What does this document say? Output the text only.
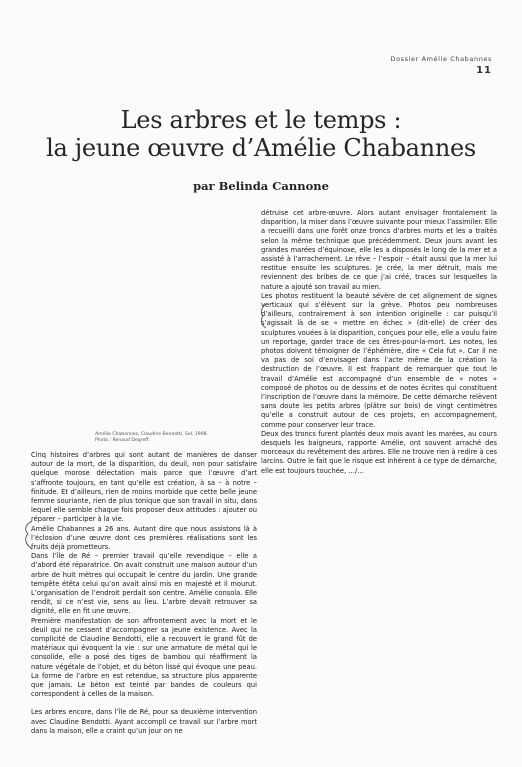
Dossier Amélie Chabannes
11
Les arbres et le temps :
la jeune œuvre d’Amélie Chabannes
par Belinda Cannone
Amélie Chabannes, Claudine Bendotti, Sol, 1998.
Photo : Renaud Degreff.

Cinq histoires d’arbres qui sont autant de manières de danser autour de la mort, de la disparition, du deuil, non pour satisfaire quelque morose délectation mais parce que l’œuvre d’art s’affronte toujours, en tant qu’elle est création, à sa – à notre – finitude. Et d’ailleurs, rien de moins morbide que cette belle jeune femme souriante, rien de plus tonique que son travail in situ, dans lequel elle semble chaque fois proposer deux attitudes : ajouter ou réparer – participer à la vie.

Amélie Chabannes a 26 ans. Autant dire que nous assistons là à l’éclosion d’une œuvre dont ces premières réalisations sont les fruits déjà prometteurs.

Dans l’île de Ré – premier travail qu’elle revendique – elle a d’abord été réparatrice. On avait construit une maison autour d’un arbre de huit mètres qui occupait le centre du jardin. Une grande tempête étêta celui qu’on avait ainsi mis en majesté et il mourut. L’organisation de l’endroit perdait son centre. Amélie consola. Elle rendit, si ce n’est vie, sens au lieu. L’arbre devait retrouver sa dignité, elle en fit une œuvre.

Première manifestation de son affrontement avec la mort et le deuil qui ne cessent d’accompagner sa jeune existence. Avec la complicité de Claudine Bendotti, elle a recouvert le grand fût de matériaux qui évoquent la vie : sur une armature de métal qui le consolide, elle a posé des tiges de bambou qui réaffirment la nature végétale de l’objet, et du béton lissé qui évoque une peau. La forme de l’arbre en est retendue, sa structure plus apparente que jamais. Le béton est teinté par bandes de couleurs qui correspondent à celles de la maison.

Les arbres encore, dans l’île de Ré, pour sa deuxième intervention avec Claudine Bendotti. Ayant accompli ce travail sur l’arbre mort dans la maison, elle a craint qu’un jour on ne

détruise cet arbre-œuvre. Alors autant envisager frontalement la disparition, la miser dans l’œuvre suivante pour mieux l’assimiler. Elle a recueilli dans une forêt onze troncs d’arbres morts et les a traités selon la même technique que précédemment. Deux jours avant les grandes marées d’équinoxe, elle les a disposés le long de la mer et a assisté à l’arrachement. Le rêve – l’espoir – était aussi que la mer lui restitue ensuite les sculptures. Je crée, la mer détruit, mais me reviennent des bribes de ce que j’ai créé, traces sur lesquelles la nature a ajouté son travail au mien.

Les photos restituent la beauté sévère de cet alignement de signes verticaux qui s’élèvent sur la grève. Photos peu nombreuses d’ailleurs, contrairement à son intention originelle : car puisqu’il s’agissait là de se « mettre en échec » (dit-elle) de créer des sculptures vouées à la disparition, conçues pour elle, elle a voulu faire un reportage, garder trace de ces êtres-pour-la-mort. Les notes, les photos doivent témoigner de l’éphémère, dire « Cela fut ». Car il ne va pas de soi d’envisager dans l’acte même de la création la destruction de l’œuvre. Il est frappant de remarquer que tout le travail d’Amélie est accompagné d’un ensemble de « notes » composé de photos ou de dessins et de notes écrites qui constituent l’inscription de l’œuvre dans la mémoire. De cette démarche relèvent sans doute les petits arbres (plâtre sur bois) de vingt centimètres qu’elle a construit autour de ces projets, en accompagnement, comme pour conserver leur trace.

Deux des troncs furent plantés deux mois avant les marées, au cours desquels les baigneurs, rapporte Amélie, ont souvent arraché des morceaux du revêtement des arbres. Elle ne trouve rien à redire à ces larcins. Outre le fait que le risque est inhérent à ce type de démarche, elle est toujours touchée, …/…
